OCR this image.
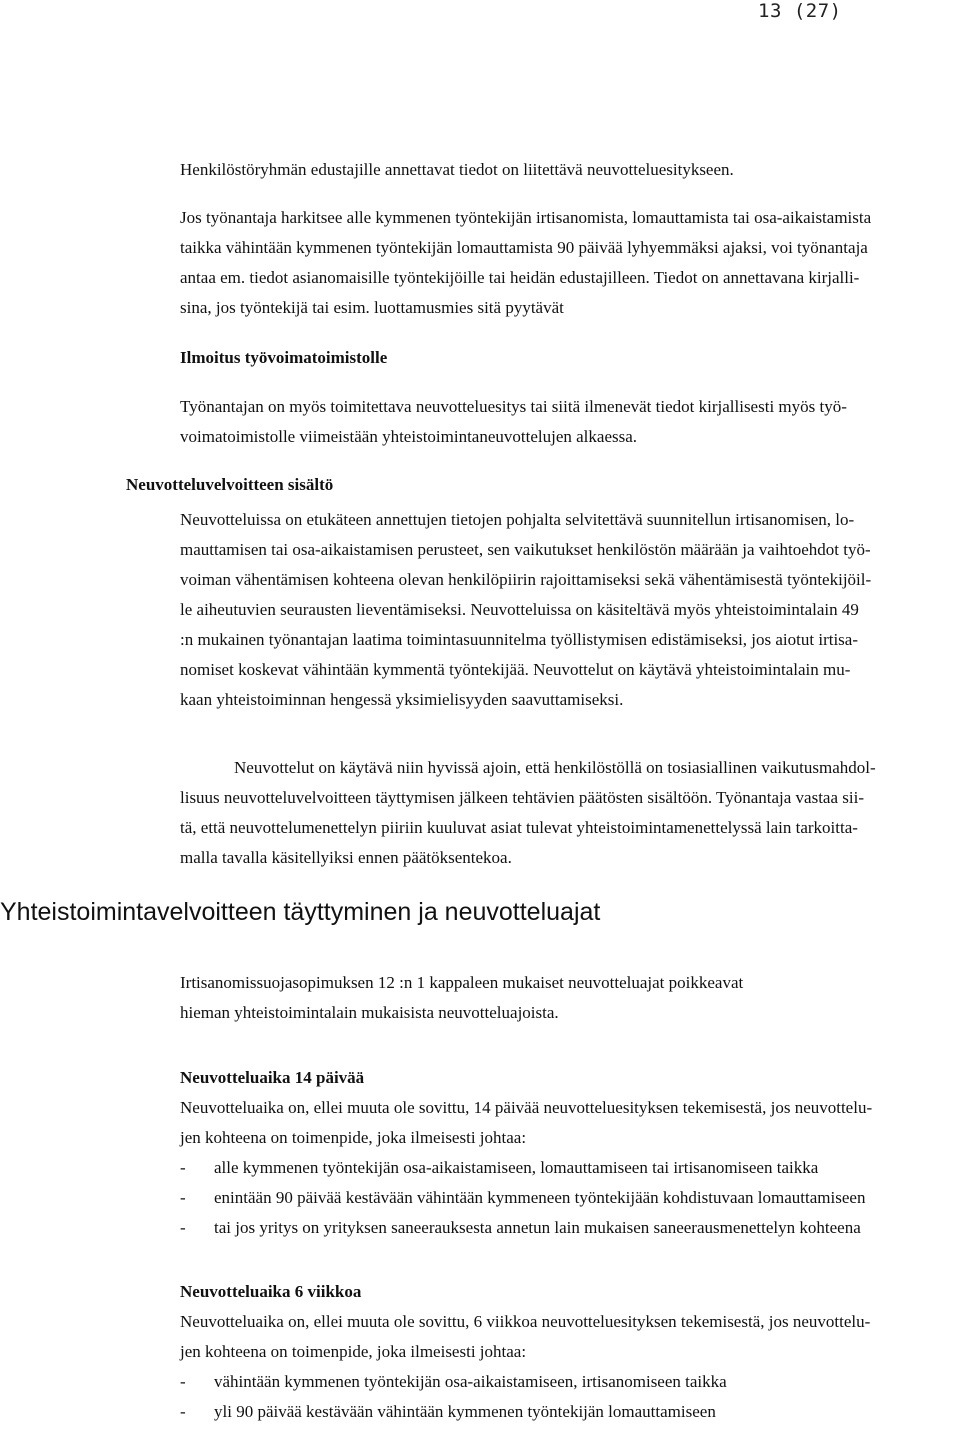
13 (27)

Henkilöstöryhmän edustajille annettavat tiedot on liitettävä neuvotteluesitykseen.

Jos työnantaja harkitsee alle kymmenen työntekijän irtisanomista, lomauttamista tai osa-aikaistamista

taikka vähintään kymmenen työntekijän lomauttamista 90 päivää lyhyemmäksi ajaksi, voi työnantaja

antaa em. tiedot asianomaisille työntekijöille tai heidän edustajilleen. Tiedot on annettavana kirjalli-

sina, jos työntekijä tai esim. luottamusmies sitä pyytävät

Ilmoitus työvoimatoimistolle

Työnantajan on myös toimitettava neuvotteluesitys tai siitä ilmenevät tiedot kirjallisesti myös työ-

voimatoimistolle viimeistään yhteistoimintaneuvottelujen alkaessa.

Neuvotteluvelvoitteen sisältö

Neuvotteluissa on etukäteen annettujen tietojen pohjalta selvitettävä suunnitellun irtisanomisen, lo-

mauttamisen tai osa-aikaistamisen perusteet, sen vaikutukset henkilöstön määrään ja vaihtoehdot työ-

voiman vähentämisen kohteena olevan henkilöpiirin rajoittamiseksi sekä vähentämisestä työntekijöil-

le aiheutuvien seurausten lieventämiseksi. Neuvotteluissa on käsiteltävä myös yhteistoimintalain 49

:n mukainen työnantajan laatima toimintasuunnitelma työllistymisen edistämiseksi, jos aiotut irtisa-

nomiset koskevat vähintään kymmentä työntekijää. Neuvottelut on käytävä yhteistoimintalain mu-

kaan yhteistoiminnan hengessä yksimielisyyden saavuttamiseksi.

Neuvottelut on käytävä niin hyvissä ajoin, että henkilöstöllä on tosiasiallinen vaikutusmahdol-

lisuus neuvotteluvelvoitteen täyttymisen jälkeen tehtävien päätösten sisältöön. Työnantaja vastaa sii-

tä, että neuvottelumenettelyn piiriin kuuluvat asiat tulevat yhteistoimintamenettelyssä lain tarkoitta-

malla tavalla käsitellyiksi ennen päätöksentekoa.

Yhteistoimintavelvoitteen täyttyminen ja neuvotteluajat

Irtisanomissuojasopimuksen 12 :n 1 kappaleen mukaiset neuvotteluajat poikkeavat

hieman yhteistoimintalain mukaisista neuvotteluajoista.

Neuvotteluaika 14 päivää

Neuvotteluaika on, ellei muuta ole sovittu, 14 päivää neuvotteluesityksen tekemisestä, jos neuvottelu-

jen kohteena on toimenpide, joka ilmeisesti johtaa:

- alle kymmenen työntekijän osa-aikaistamiseen, lomauttamiseen tai irtisanomiseen taikka
- enintään 90 päivää kestävään vähintään kymmeneen työntekijään kohdistuvaan lomauttamiseen
- tai jos yritys on yrityksen saneerauksesta annetun lain mukaisen saneerausmenettelyn kohteena

Neuvotteluaika 6 viikkoa

Neuvotteluaika on, ellei muuta ole sovittu, 6 viikkoa neuvotteluesityksen tekemisestä, jos neuvottelu-

jen kohteena on toimenpide, joka ilmeisesti johtaa:

- vähintään kymmenen työntekijän osa-aikaistamiseen, irtisanomiseen taikka
- yli 90 päivää kestävään vähintään kymmenen työntekijän lomauttamiseen
